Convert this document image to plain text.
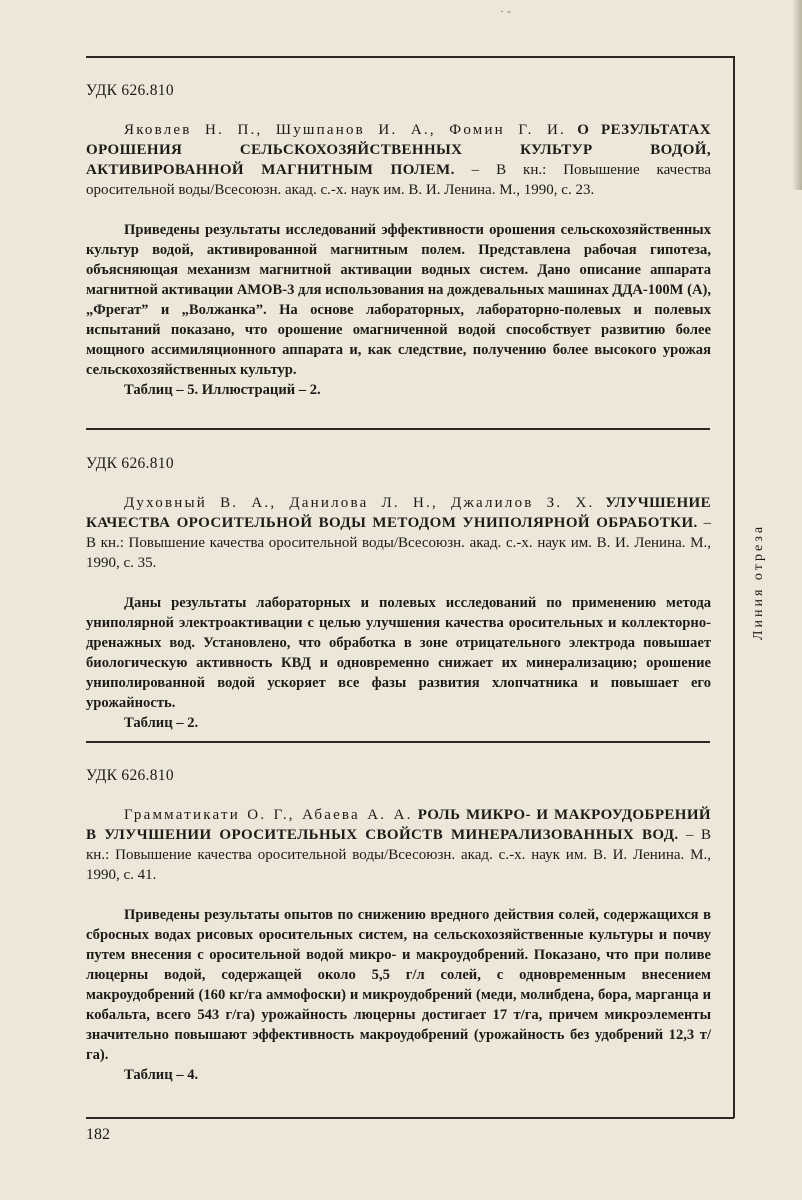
· -
Линия отреза

УДК 626.810

Яковлев Н. П., Шушпанов И. А., Фомин Г. И. О РЕЗУЛЬТАТАХ ОРОШЕНИЯ СЕЛЬСКОХОЗЯЙСТВЕННЫХ КУЛЬТУР ВОДОЙ, АКТИВИРОВАННОЙ МАГНИТНЫМ ПОЛЕМ. – В кн.: Повышение качества оросительной воды/Всесоюзн. акад. с.-х. наук им. В. И. Ленина. М., 1990, с. 23.

Приведены результаты исследований эффективности орошения сельскохозяйственных культур водой, активированной магнитным полем. Представлена рабочая гипотеза, объясняющая механизм магнитной активации водных систем. Дано описание аппарата магнитной активации АМОВ-3 для использования на дождевальных машинах ДДА-100М (А), „Фрегат” и „Волжанка”. На основе лабораторных, лабораторно-полевых и полевых испытаний показано, что орошение омагниченной водой способствует развитию более мощного ассимиляционного аппарата и, как следствие, получению более высокого урожая сельскохозяйственных культур.

Таблиц – 5. Иллюстраций – 2.

УДК 626.810

Духовный В. А., Данилова Л. Н., Джалилов З. Х. УЛУЧШЕНИЕ КАЧЕСТВА ОРОСИТЕЛЬНОЙ ВОДЫ МЕТОДОМ УНИПОЛЯРНОЙ ОБРАБОТКИ. – В кн.: Повышение качества оросительной воды/Всесоюзн. акад. с.-х. наук им. В. И. Ленина. М., 1990, с. 35.

Даны результаты лабораторных и полевых исследований по применению метода униполярной электроактивации с целью улучшения качества оросительных и коллекторно-дренажных вод. Установлено, что обработка в зоне отрицательного электрода повышает биологическую активность КВД и одновременно снижает их минерализацию; орошение униполированной водой ускоряет все фазы развития хлопчатника и повышает его урожайность.

Таблиц – 2.

УДК 626.810

Грамматикати О. Г., Абаева А. А. РОЛЬ МИКРО- И МАКРОУДОБРЕНИЙ В УЛУЧШЕНИИ ОРОСИТЕЛЬНЫХ СВОЙСТВ МИНЕРАЛИЗОВАННЫХ ВОД. – В кн.: Повышение качества оросительной воды/Всесоюзн. акад. с.-х. наук им. В. И. Ленина. М., 1990, с. 41.

Приведены результаты опытов по снижению вредного действия солей, содержащихся в сбросных водах рисовых оросительных систем, на сельскохозяйственные культуры и почву путем внесения с оросительной водой микро- и макроудобрений. Показано, что при поливе люцерны водой, содержащей около 5,5 г/л солей, с одновременным внесением макроудобрений (160 кг/га аммофоски) и микроудобрений (меди, молибдена, бора, марганца и кобальта, всего 543 г/га) урожайность люцерны достигает 17 т/га, причем микроэлементы значительно повышают эффективность макроудобрений (урожайность без удобрений 12,3 т/га).

Таблиц – 4.

182
